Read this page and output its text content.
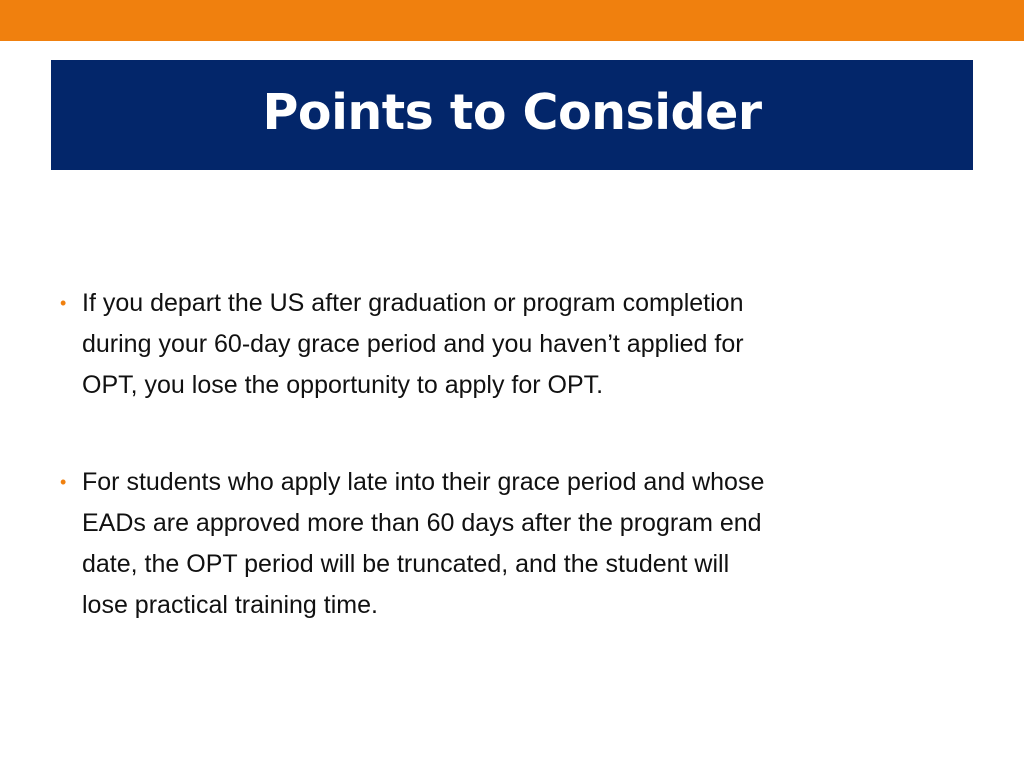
Points to Consider
• If you depart the US after graduation or program completion
during your 60-day grace period and you haven’t applied for
OPT, you lose the opportunity to apply for OPT.
• For students who apply late into their grace period and whose
EADs are approved more than 60 days after the program end
date, the OPT period will be truncated, and the student will
lose practical training time.
